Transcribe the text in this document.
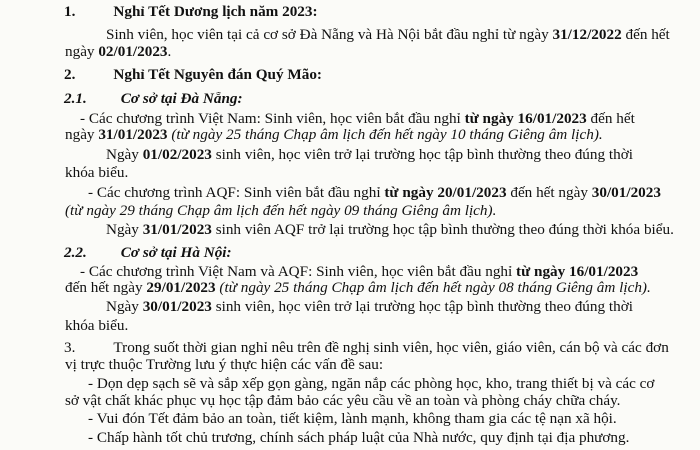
1.	Nghỉ Tết Dương lịch năm 2023:
Sinh viên, học viên tại cả cơ sở Đà Nẵng và Hà Nội bắt đầu nghỉ từ ngày 31/12/2022 đến hết
ngày 02/01/2023.
2.	Nghỉ Tết Nguyên đán Quý Mão:
2.1. Cơ sở tại Đà Nẵng:
- Các chương trình Việt Nam: Sinh viên, học viên bắt đầu nghỉ từ ngày 16/01/2023 đến hết
ngày 31/01/2023 (từ ngày 25 tháng Chạp âm lịch đến hết ngày 10 tháng Giêng âm lịch).
Ngày 01/02/2023 sinh viên, học viên trở lại trường học tập bình thường theo đúng thời
khóa biểu.
- Các chương trình AQF: Sinh viên bắt đầu nghỉ từ ngày 20/01/2023 đến hết ngày 30/01/2023
(từ ngày 29 tháng Chạp âm lịch đến hết ngày 09 tháng Giêng âm lịch).
Ngày 31/01/2023 sinh viên AQF trở lại trường học tập bình thường theo đúng thời khóa biểu.
2.2. Cơ sở tại Hà Nội:
- Các chương trình Việt Nam và AQF: Sinh viên, học viên bắt đầu nghỉ từ ngày 16/01/2023
đến hết ngày 29/01/2023 (từ ngày 25 tháng Chạp âm lịch đến hết ngày 08 tháng Giêng âm lịch).
Ngày 30/01/2023 sinh viên, học viên trở lại trường học tập bình thường theo đúng thời
khóa biểu.
3.	Trong suốt thời gian nghỉ nêu trên đề nghị sinh viên, học viên, giáo viên, cán bộ và các đơn
vị trực thuộc Trường lưu ý thực hiện các vấn đề sau:
- Dọn dẹp sạch sẽ và sắp xếp gọn gàng, ngăn nắp các phòng học, kho, trang thiết bị và các cơ
sở vật chất khác phục vụ học tập đảm bảo các yêu cầu về an toàn và phòng cháy chữa cháy.
- Vui đón Tết đảm bảo an toàn, tiết kiệm, lành mạnh, không tham gia các tệ nạn xã hội.
- Chấp hành tốt chủ trương, chính sách pháp luật của Nhà nước, quy định tại địa phương.
